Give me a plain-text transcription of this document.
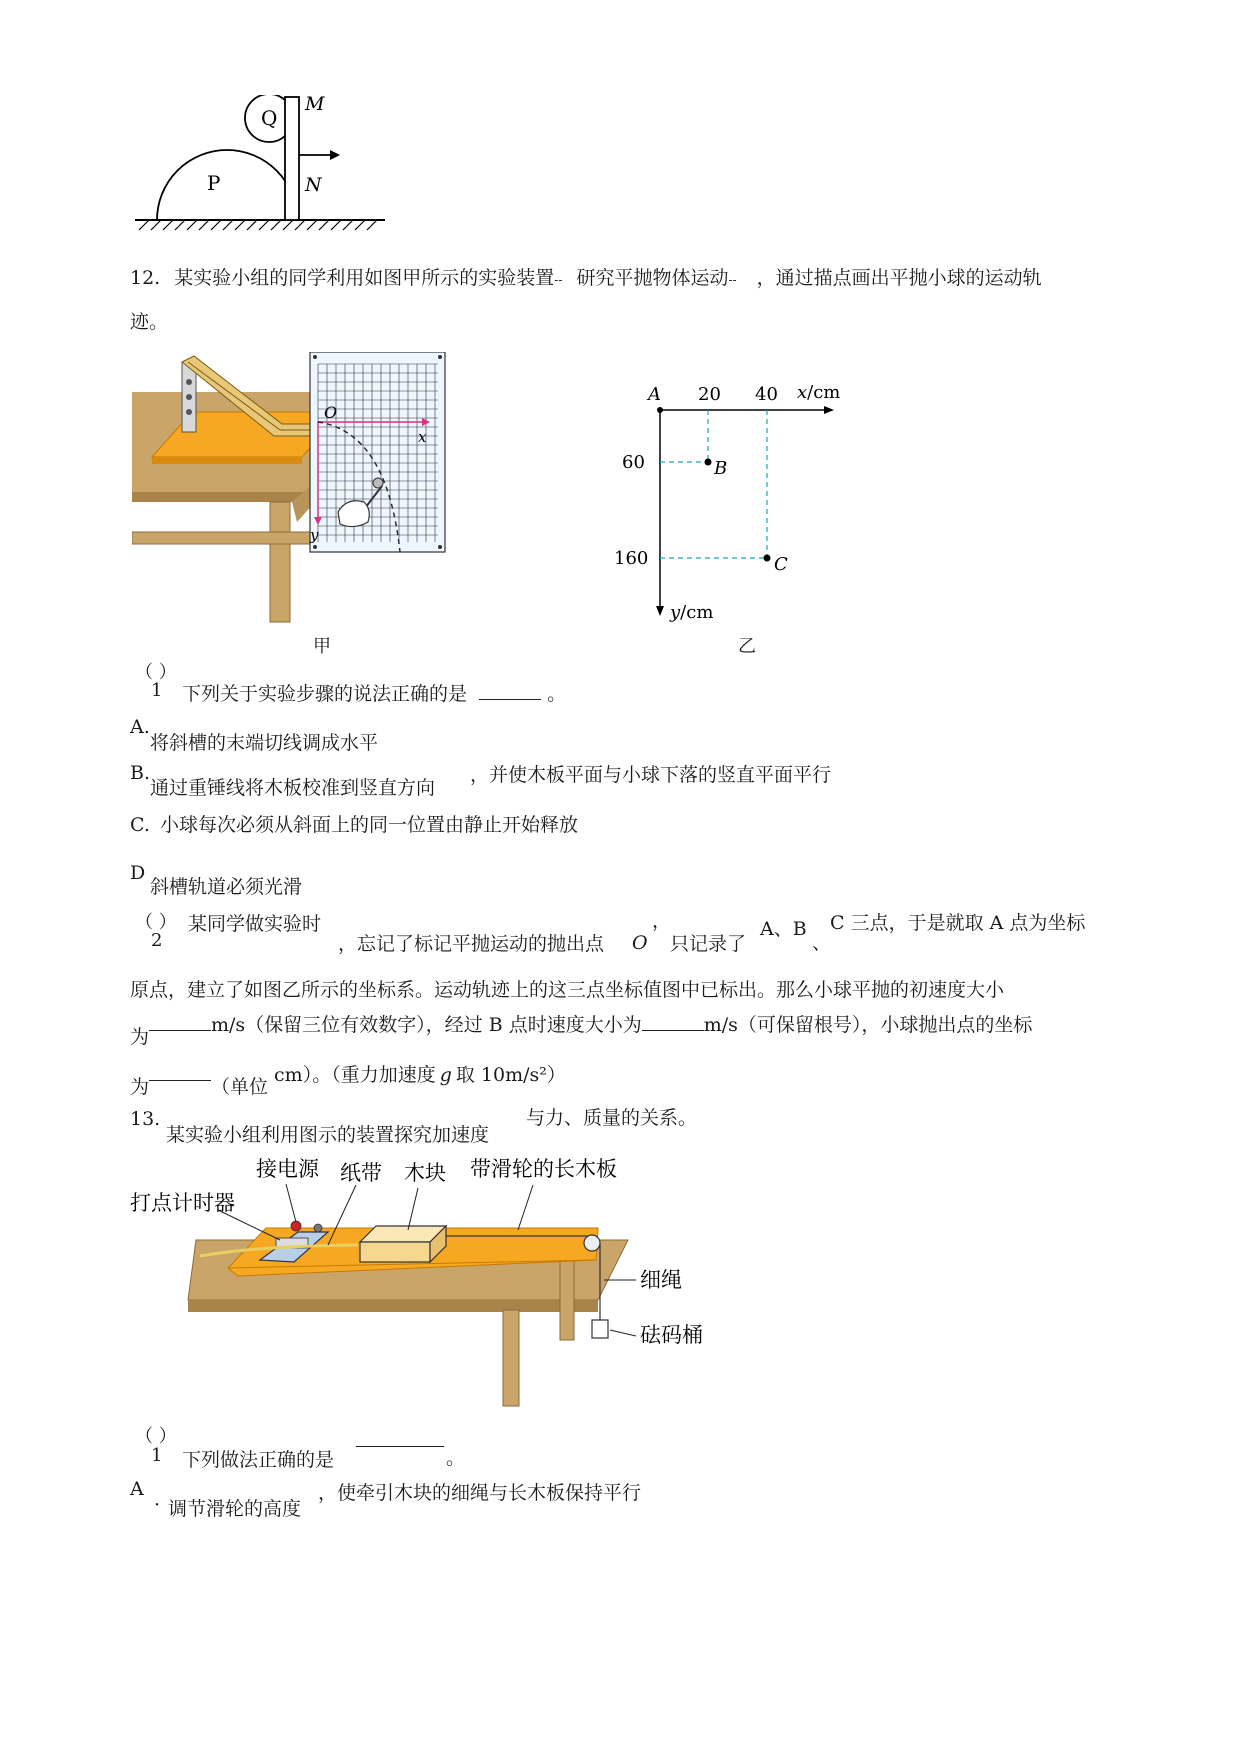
Q
P
M
N
12. 某实验小组的同学利用如图甲所示的实验装置-- 研究平抛物体运动-- ，通过描点画出平抛小球的运动轨
迹。
O
x
y
甲
A 20 40 x/cm
60
160
B
C
y/cm
乙
（ ）
1 下列关于实验步骤的说法正确的是	。
A.
将斜槽的末端切线调成水平
B.
通过重锤线将木板校准到竖直方向
，并使木板平面与小球下落的竖直平面平行
C. 小球每次必须从斜面上的同一位置由静止开始释放
D
斜槽轨道必须光滑
（ ）
2
某同学做实验时
，忘记了标记平抛运动的抛出点 O
，
只记录了
A、B
、
C 三点，于是就取 A 点为坐标
原点，建立了如图乙所示的坐标系。运动轨迹上的这三点坐标值图中已标出。那么小球平抛的初速度大小
为m/s（保留三位有效数字），经过 B 点时速度大小为	m/s（可保留根号），小球抛出点的坐标
为	（单位cm）。（重力加速度 g 取 10m/s²）
13.
某实验小组利用图示的装置探究加速度
与力、质量的关系。
接电源 纸带 木块 带滑轮的长木板
打点计时器
细绳
砝码桶
（ ）
1 下列做法正确的是	。
A
· 调节滑轮的高度
，使牵引木块的细绳与长木板保持平行
